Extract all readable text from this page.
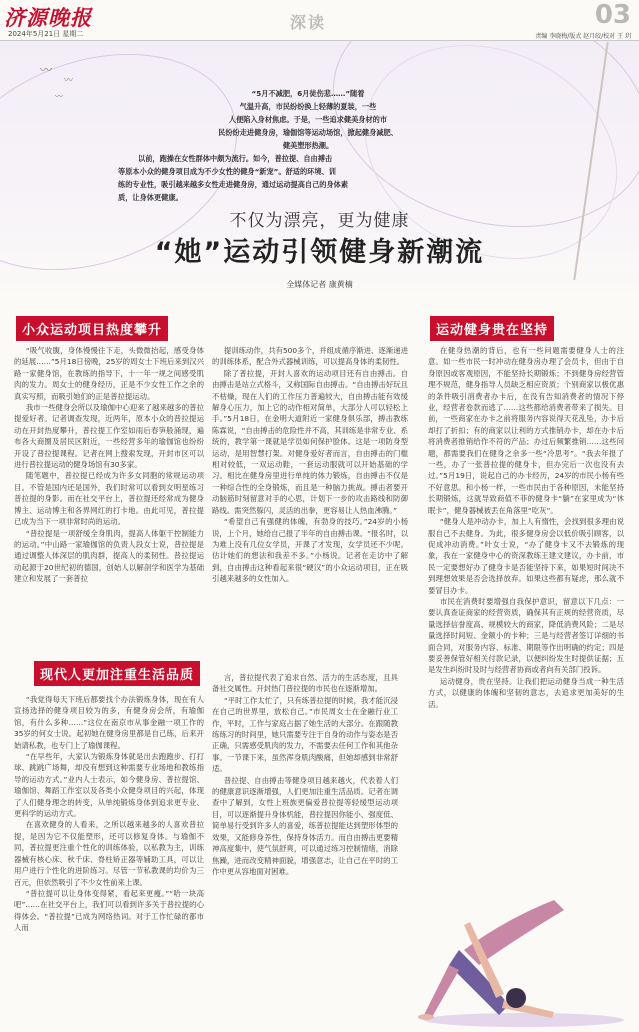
济源晚报
2024年5月21日 星期二
深读	03
责编 李晓梅/版式 赵月皎/校对 王 玥
〰
〰
〰	“5月不减肥，6月徒伤悲……”随着

气温升高，市民纷纷换上轻薄的夏装，一些

人便陷入身材焦虑。于是，一些追求健美身材的市

民纷纷走进健身房，瑜伽馆等运动场馆，掀起健身减肥、

健美塑形热潮。

以前，跑操在女性群体中颇为流行。如今，普拉提、自由搏击

等原本小众的健身项目成为不少女性的健身“新宠”。舒适的环境、训

练的专业性，吸引越来越多女性走进健身房，通过运动提高自己的身体素

质，让身体更健康。

不仅为漂亮，更为健康
“她”运动引领健身新潮流
全媒体记者 康黄楠
小众运动项目热度攀升
现代人更加注重生活品质
运动健身贵在坚持

“吸气收腹，身体慢慢往下走，头微微抬起，感受身体的延展……”5月18日傍晚，25岁的周女士下班后来到汉兴路一家健身馆，在教练的指导下，十一年一规之间感受肌肉的发力。周女士的健身经历，正是不少女性工作之余的真实写照，而吸引她们的正是普拉提运动。

我市一些健身会所以及瑜伽中心迎来了越来越多的普拉提爱好者。记者调查发现，近两年，原本小众的普拉提运动在开封热度攀升，普拉提工作室如雨后春笋般涌现，遍布各大商圈及居民区附近，一些经营多年的瑜伽馆也纷纷开设了普拉提课程。记者在网上搜索发现，开封市区可以进行普拉提运动的健身场馆有30多家。

随笔题中，普拉提已经成为许多女同胞的常规运动项目。不管是国内还是国外，我们时常可以看到女明星练习普拉提的身影。而在社交平台上，普拉提还经常成为健身博主、运动博主和各界网红的打卡地。由此可见，普拉提已成为当下一项非常时尚的运动。

“普拉提是一项舒缓全身肌肉，提高人体躯干控制能力的运动。”中山路一家瑜伽馆的负责人段女士说，普拉提是通过调整人体深层的肌肉群，提高人的柔韧性。普拉提运动起源于20世纪初的德国，创始人以解剖学和医学为基础建立和发展了一套普拉

提训练动作，共有500多个，并组成循序渐进、逐渐递进的训练体系，配合外式器械训练，可以提高身体的柔韧性。

除了普拉提，开封人喜欢的运动项目还有自由搏击。自由搏击是站立式格斗，又称国际自由搏击。“自由搏击好玩且不枯燥，现在人们的工作压力普遍较大，自由搏击能有效缓解身心压力，加上它的动作相对简单，大部分人可以轻松上手。”5月18日，在金明大道附近一家健身俱乐部，搏击教练陈霖说，“自由搏击的危险性并不高，其训练是非常专业、系统的，教学第一课就是学员如何保护脸体。这是一项防身型运动，是用智慧打架。对健身爱好者而言，自由搏击的门槛相对较低，一双运动鞋，一套运动服就可以开始基础的学习。相比在健身房里进行单纯的体力锻炼，自由搏击不仅是一种综合性的全身锻炼，而且是一种脑力挑战。搏击者要开动脑筋时刻留意对手的心思，计划下一步的攻击路线和防御路线。需突然躲闪，灵活的出拳，更容易让人热血沸腾。”

“希望自己有强健的体魄，有勃身的技巧。”24岁的小杨说，上个月，她给自己报了半年的自由搏击课。“报名时，以为难上没有几位女学员，开课了才发现，女学员还不少呢。估计她们的想法和我差不多。”小杨说。记者在走访中了解到，自由搏击这种看起来很“硬汉”的小众运动项目，正在吸引越来越多的女性加入。

在健身热潮的背后，也有一些问题需要健身人士的注意。如一些市民一时冲动在健身房办理了会员卡，但由于自身原因或客观原因，不能坚持长期锻炼；不到健身房经营管理不规范，健身指导人员缺乏相应资质；个别商家以极优惠的条件吸引消费者办卡后，在没有告知消费者的情况下停业，经营者卷款而逃了……这些都给消费者带来了损失。目前，一些商家在办卡之前将服务内容说得天花乱坠，办卡后却打了折扣；有的商家以让利的方式推销办卡，却在办卡后将消费者推销给作不符的产品；办过后频繁推销……这些问题，都需要我们在健身之余多一些“冷思考”。“我去年报了一些，办了一张普拉提的健身卡，但办完后一次也没有去过。”5月19日，说起自己的办卡经历，24岁的市民小杨有些不好意思。和小杨一样，一些市民由于各种原因，未能坚持长期锻炼，这就导致商值不菲的健身卡“躺”在家里成为“休眠卡”，健身器械被丢在角落里“吃灰”。

“健身人是冲动办卡，加上人有惰性，会找到很多理由说服自己不去健身。为此，很多健身房会以低价吸引顾客，以促成冲动消费。”叶女士说，“办了健身卡又不去锻炼的现象，我在一家健身中心的资深教练王建文建议，办卡前，市民一定要想好办了健身卡是否能坚持下来，如果短时间决不到理想效果是否会选择放弃。如果这些都有疑虑，那么就不要冒目办卡。

市民在消费时要增强自我保护意识，留意以下几点：一要认真查证商家的经营资质，确保其有正规的经营资质，尽量选择信誉度高、规模较大的商家，降低消费风险；二是尽量选择时间短、金额小的卡种；三是与经营者签订详细的书面合同，对服务内容、标准、期限等作出明确的约定；四是要妥善保管好相关付款记录，以便纠纷发生时提供证据；五是发生纠纷时及时与经营者协商或者向有关部门投诉。

运动健身，贵在坚持。让我们把运动健身当成一种生活方式，以健康的体魄和坚韧的意志，去追求更加美好的生活。

“我觉得每天下班后都要找个办法锻炼身体，现在有人宣扬选择的健身项目较为的多，有健身房会所，有瑜伽馆，有什么多种……”这位在南京市从事金融一项工作的35岁的何女士说。起初她在健身房里都是自己练，后来开始请私教，也专门上了瑜伽课程。

“在早些年，大家认为锻炼身体就是出去跑跑步、打打球、跳跳广场舞，却没有想到这种需要专业场地和教练指导的运动方式。”业内人士表示，如今健身房、普拉提馆、瑜伽馆、舞蹈工作室以及各类小众健身项目的兴起，体现了人们健身理念的转变，从单纯锻炼身体到追求更专业、更科学的运动方式。

在喜欢健身的人看来，之所以越来越多的人喜欢普拉提，是因为它不仅能塑形，还可以修复身体。与瑜伽不同，普拉提更注重个性化的训练体验，以私教为主，训练器械有核心床、秋千床、脊柱矫正器等辅助工具，可以让用户进行个性化的进阶练习。尽管一节私教课的均价为三百元，但依然吸引了不少女性前来上课。

“普拉提可以让身体变得紧，看起来更瘦。”“哈一块高吧”……在社交平台上，我们可以看到许多关于普拉提的心得体会。“普拉提”已成为网络热词。对于工作忙碌的都市人而

言，普拉提代表了追求自然、活力的生活态度，且具备社交属性。开封热门普拉提的市民也在逐渐增加。

“平时工作太忙了，只有练普拉提的时候，我才能沉浸在自己的世界里，放松自己。”市民周女士在金融行业工作，平时，工作与家庭占据了她生活的大部分。在跟随教练练习的时间里，她只需要专注于自身的动作与姿态是否正确，只需感受肌肉的发力，不需要去任何工作和其他杂事。一节课下来，虽然浑身肌肉酸痛，但她却感到非常舒适。

普拉提、自由搏击等健身项目越来越火，代表着人们的健康意识逐渐增强，人们更加注重生活品质。记者在调查中了解到，女性上班族更偏爱普拉提等轻缓型运动项目，可以逐渐提升身体机能，普拉提因你能小、强度低、简单易行受到许多人的喜爱，练普拉提能达到塑形体型的效果，又能修身养性，保持身体活力。而自由搏击更要精神高度集中，使气氛舒爽，可以通过练习控制情绪，消除焦躁，进而改变精神面貌，增强意志，让自己在平时的工作中更从容地面对困难。
